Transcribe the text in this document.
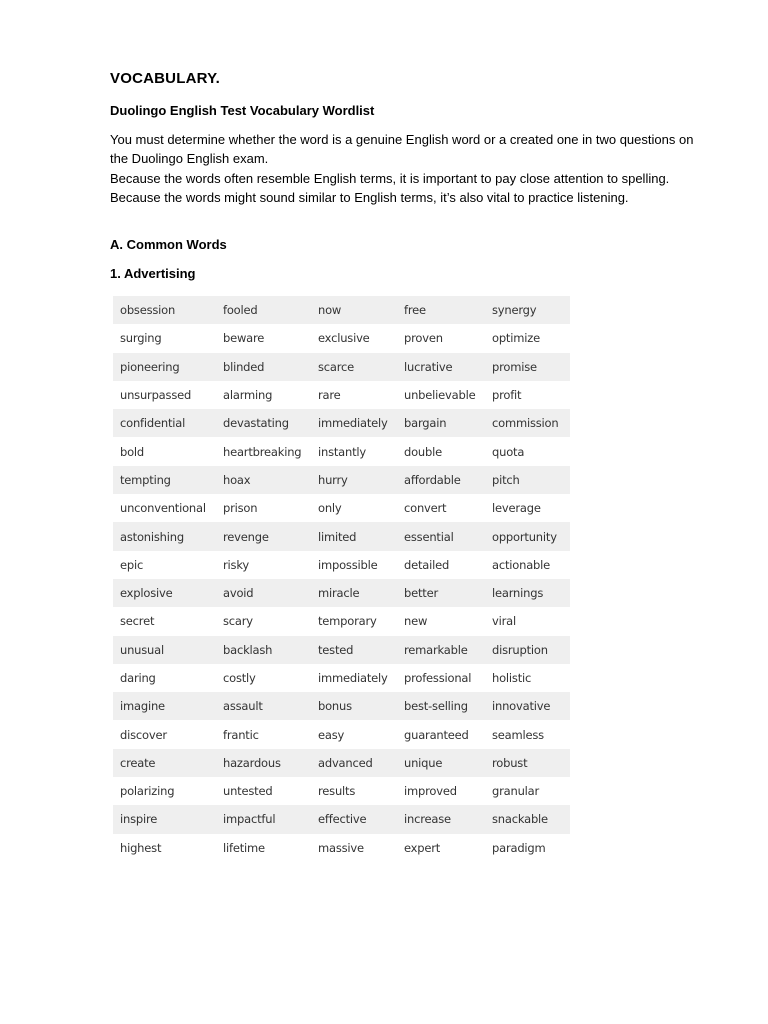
VOCABULARY.
Duolingo English Test Vocabulary Wordlist

You must determine whether the word is a genuine English word or a created one in two questions on the Duolingo English exam.

Because the words often resemble English terms, it is important to pay close attention to spelling.

Because the words might sound similar to English terms, it’s also vital to practice listening.

A. Common Words
1. Advertising
obsession	fooled	now	free	synergy
surging	beware	exclusive	proven	optimize
pioneering	blinded	scarce	lucrative	promise
unsurpassed	alarming	rare	unbelievable	profit
confidential	devastating	immediately	bargain	commission
bold	heartbreaking	instantly	double	quota
tempting	hoax	hurry	affordable	pitch
unconventional	prison	only	convert	leverage
astonishing	revenge	limited	essential	opportunity
epic	risky	impossible	detailed	actionable
explosive	avoid	miracle	better	learnings
secret	scary	temporary	new	viral
unusual	backlash	tested	remarkable	disruption
daring	costly	immediately	professional	holistic
imagine	assault	bonus	best-selling	innovative
discover	frantic	easy	guaranteed	seamless
create	hazardous	advanced	unique	robust
polarizing	untested	results	improved	granular
inspire	impactful	effective	increase	snackable
highest	lifetime	massive	expert	paradigm
